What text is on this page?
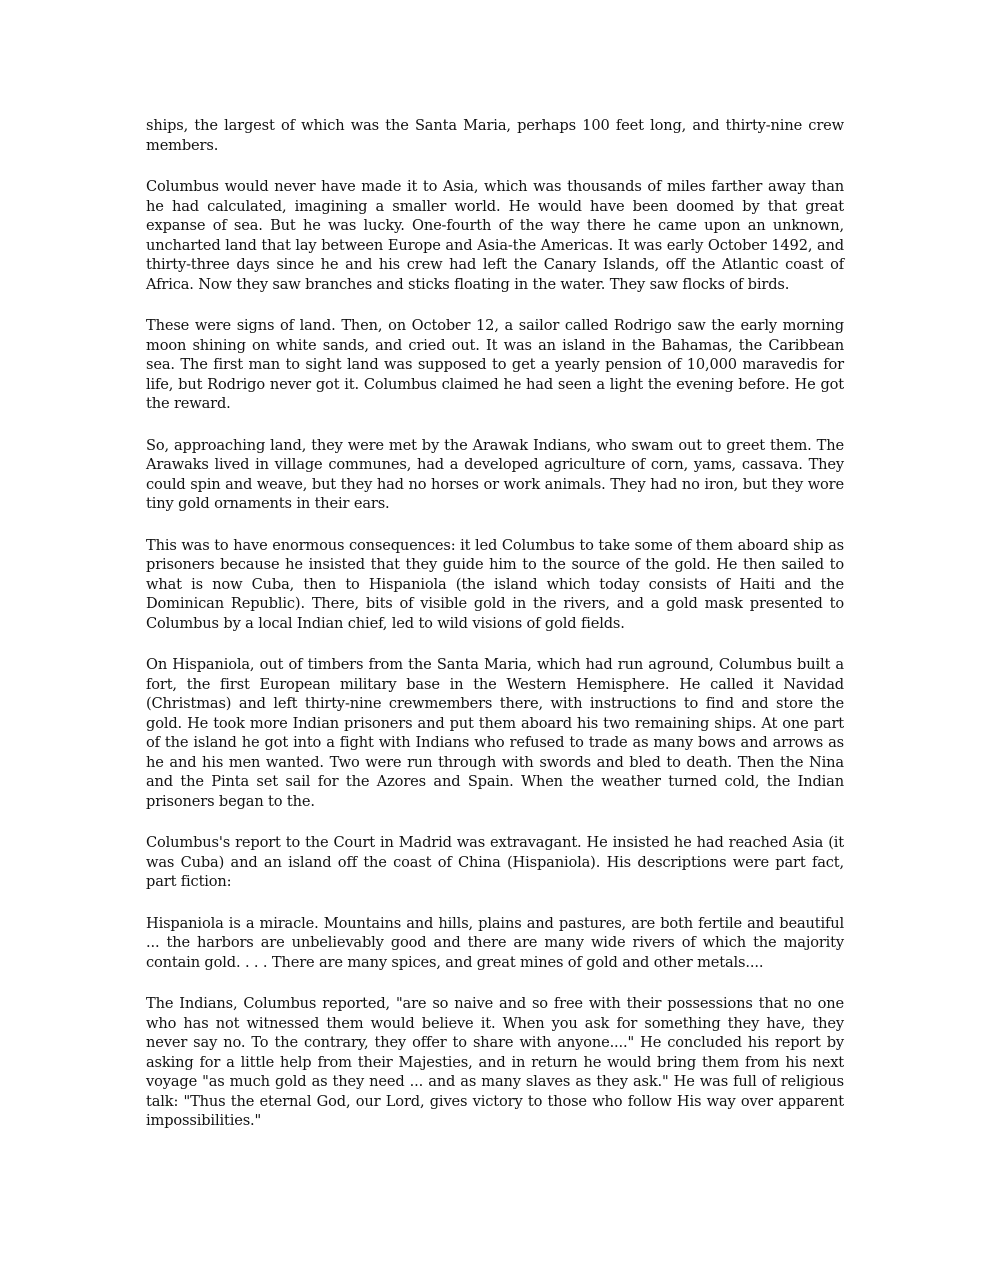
ships, the largest of which was the Santa Maria, perhaps 100 feet long, and thirty-nine crew members.

Columbus would never have made it to Asia, which was thousands of miles farther away than he had calculated, imagining a smaller world. He would have been doomed by that great expanse of sea. But he was lucky. One-fourth of the way there he came upon an unknown, uncharted land that lay between Europe and Asia-the Americas. It was early October 1492, and thirty-three days since he and his crew had left the Canary Islands, off the Atlantic coast of Africa. Now they saw branches and sticks floating in the water. They saw flocks of birds.

These were signs of land. Then, on October 12, a sailor called Rodrigo saw the early morning moon shining on white sands, and cried out. It was an island in the Bahamas, the Caribbean sea. The first man to sight land was supposed to get a yearly pension of 10,000 maravedis for life, but Rodrigo never got it. Columbus claimed he had seen a light the evening before. He got the reward.

So, approaching land, they were met by the Arawak Indians, who swam out to greet them. The Arawaks lived in village communes, had a developed agriculture of corn, yams, cassava. They could spin and weave, but they had no horses or work animals. They had no iron, but they wore tiny gold ornaments in their ears.

This was to have enormous consequences: it led Columbus to take some of them aboard ship as prisoners because he insisted that they guide him to the source of the gold. He then sailed to what is now Cuba, then to Hispaniola (the island which today consists of Haiti and the Dominican Republic). There, bits of visible gold in the rivers, and a gold mask presented to Columbus by a local Indian chief, led to wild visions of gold fields.

On Hispaniola, out of timbers from the Santa Maria, which had run aground, Columbus built a fort, the first European military base in the Western Hemisphere. He called it Navidad (Christmas) and left thirty-nine crewmembers there, with instructions to find and store the gold. He took more Indian prisoners and put them aboard his two remaining ships. At one part of the island he got into a fight with Indians who refused to trade as many bows and arrows as he and his men wanted. Two were run through with swords and bled to death. Then the Nina and the Pinta set sail for the Azores and Spain. When the weather turned cold, the Indian prisoners began to the.

Columbus's report to the Court in Madrid was extravagant. He insisted he had reached Asia (it was Cuba) and an island off the coast of China (Hispaniola). His descriptions were part fact, part fiction:

Hispaniola is a miracle. Mountains and hills, plains and pastures, are both fertile and beautiful ... the harbors are unbelievably good and there are many wide rivers of which the majority contain gold. . . . There are many spices, and great mines of gold and other metals....

The Indians, Columbus reported, "are so naive and so free with their possessions that no one who has not witnessed them would believe it. When you ask for something they have, they never say no. To the contrary, they offer to share with anyone...." He concluded his report by asking for a little help from their Majesties, and in return he would bring them from his next voyage "as much gold as they need ... and as many slaves as they ask." He was full of religious talk: "Thus the eternal God, our Lord, gives victory to those who follow His way over apparent impossibilities."
